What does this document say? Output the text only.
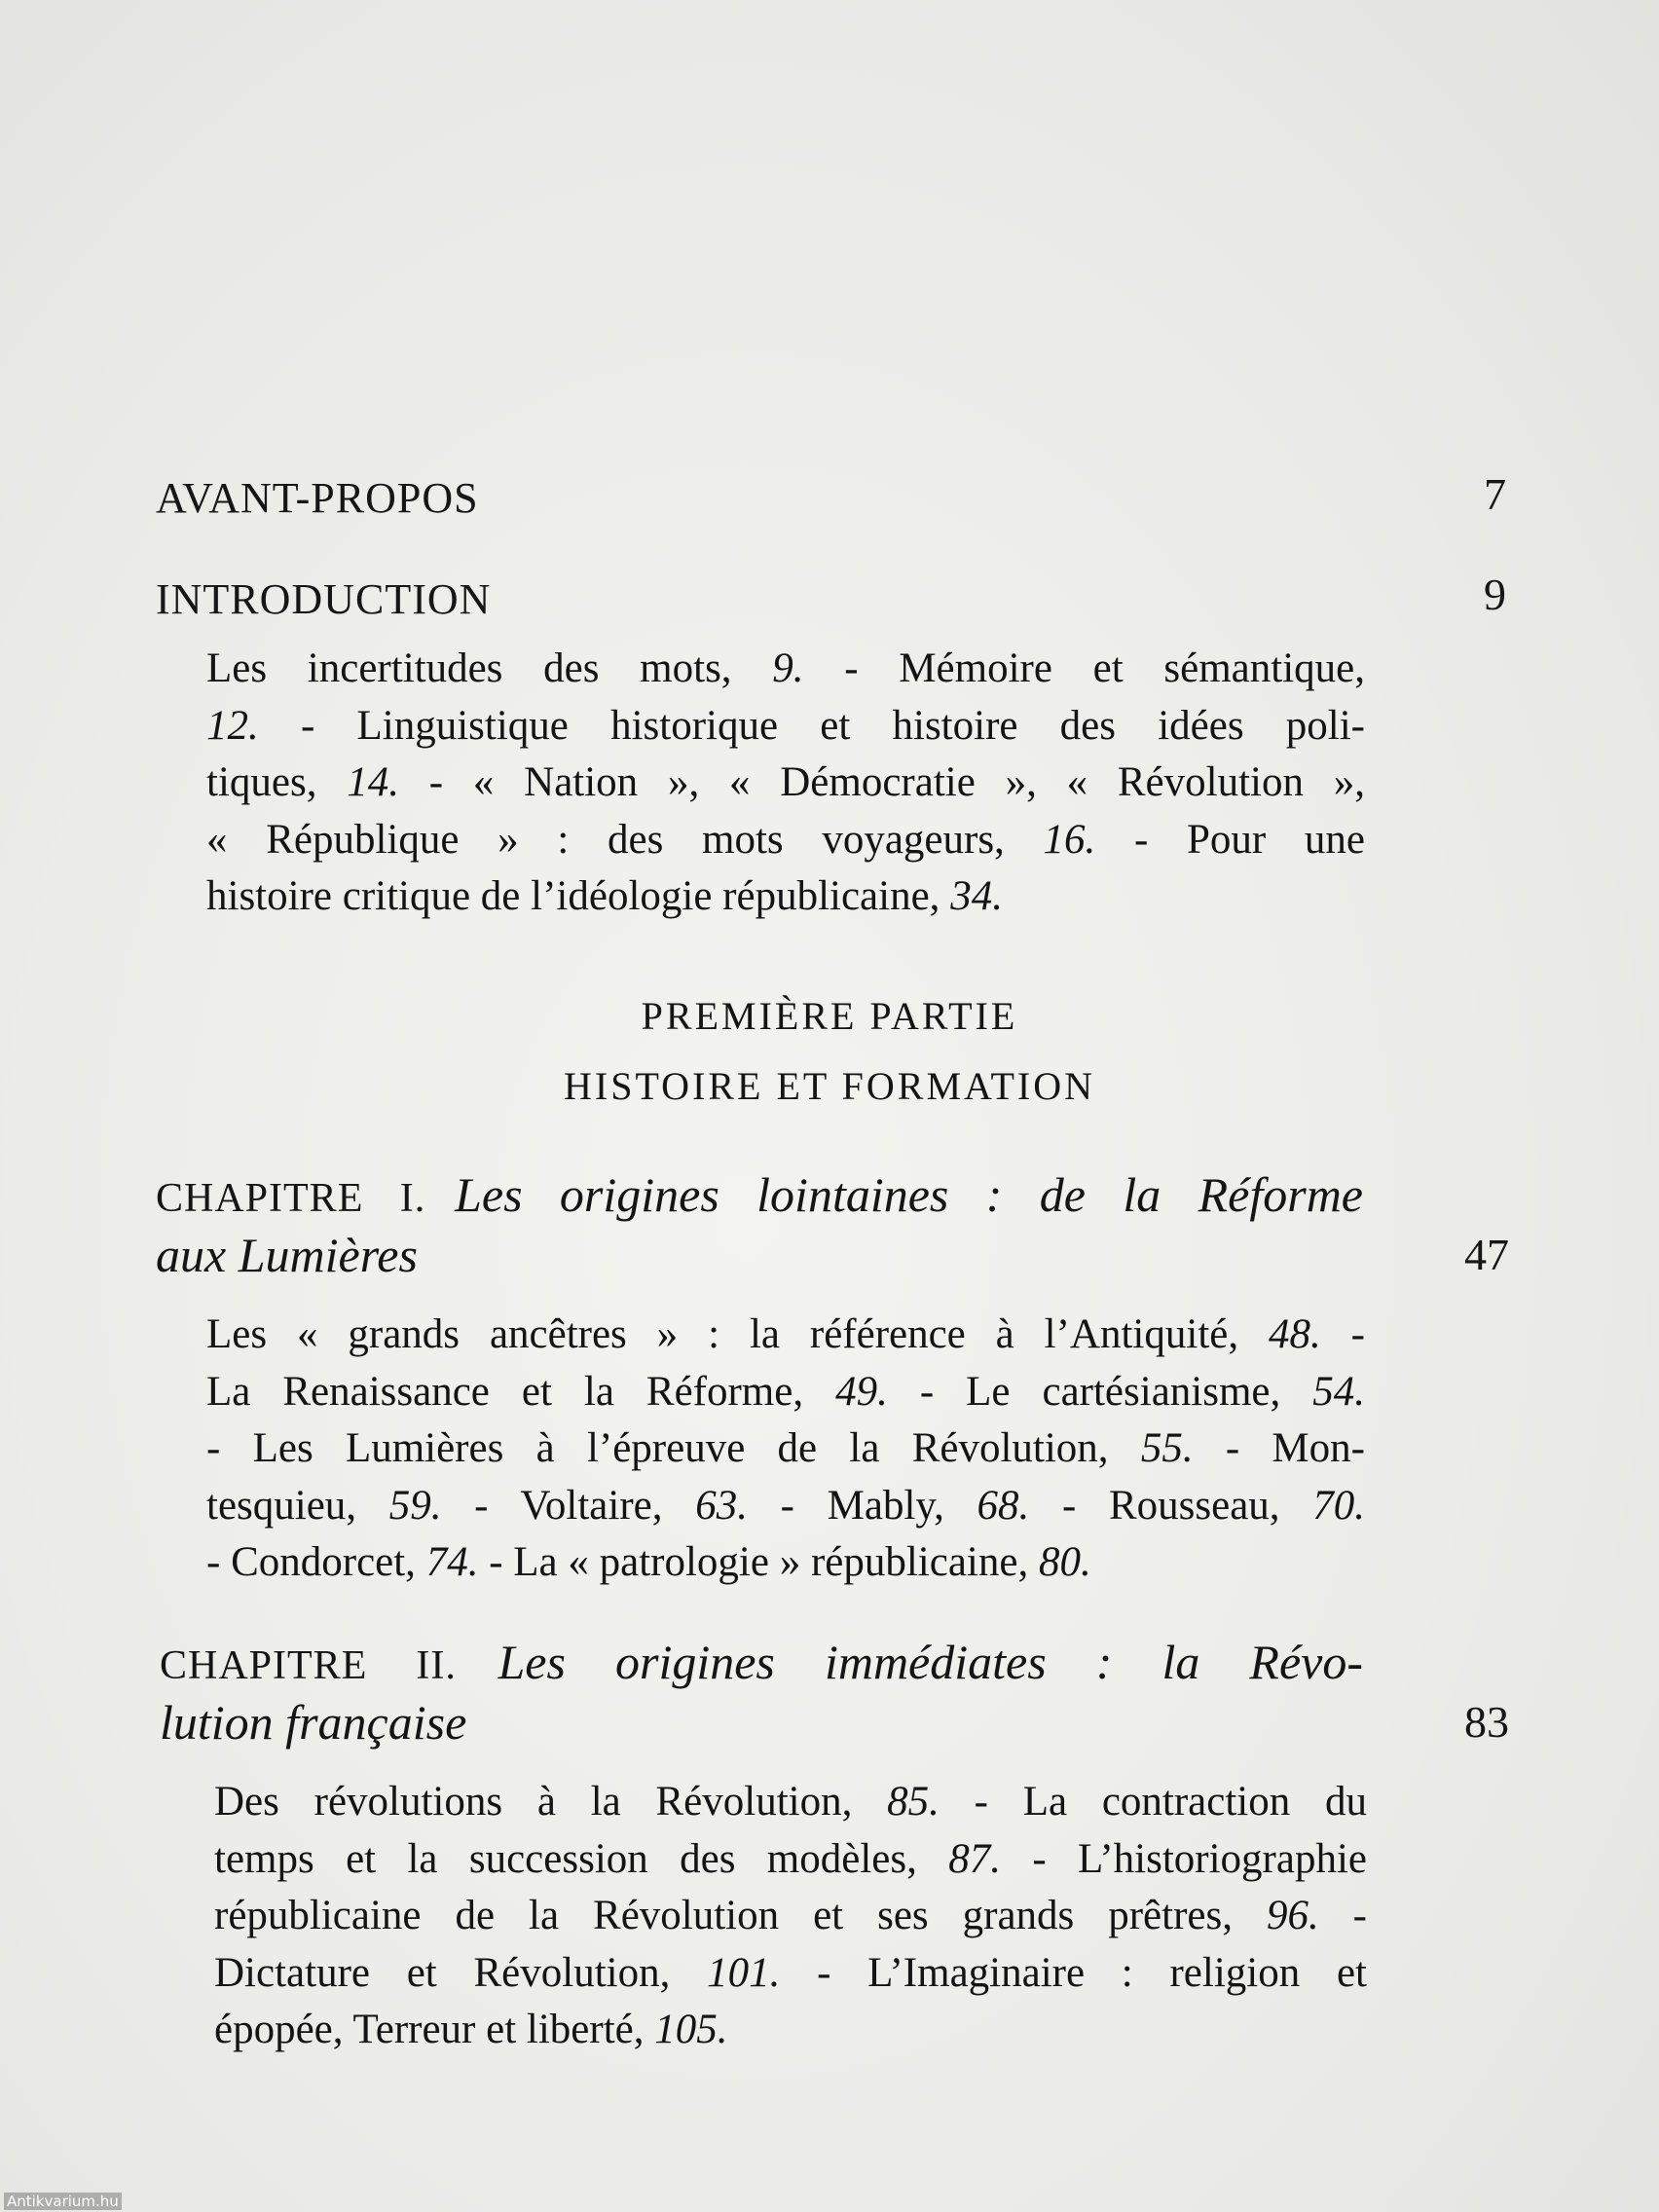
AVANT-PROPOS	7
INTRODUCTION	9
Les incertitudes des mots, 9. - Mémoire et sémantique,
12. - Linguistique historique et histoire des idées poli-
tiques, 14. - « Nation », « Démocratie », « Révolution »,
« République » : des mots voyageurs, 16. - Pour une
histoire critique de l’idéologie républicaine, 34.
PREMIÈRE PARTIE
HISTOIRE ET FORMATION
CHAPITRE I. Les origines lointaines : de la Réforme
aux Lumières	47
Les « grands ancêtres » : la référence à l’Antiquité, 48. -
La Renaissance et la Réforme, 49. - Le cartésianisme, 54.
- Les Lumières à l’épreuve de la Révolution, 55. - Mon-
tesquieu, 59. - Voltaire, 63. - Mably, 68. - Rousseau, 70.
- Condorcet, 74. - La « patrologie » républicaine, 80.
CHAPITRE II. Les origines immédiates : la Révo-
lution française	83
Des révolutions à la Révolution, 85. - La contraction du
temps et la succession des modèles, 87. - L’historiographie
républicaine de la Révolution et ses grands prêtres, 96. -
Dictature et Révolution, 101. - L’Imaginaire : religion et
épopée, Terreur et liberté, 105.
Antikvarium.hu
